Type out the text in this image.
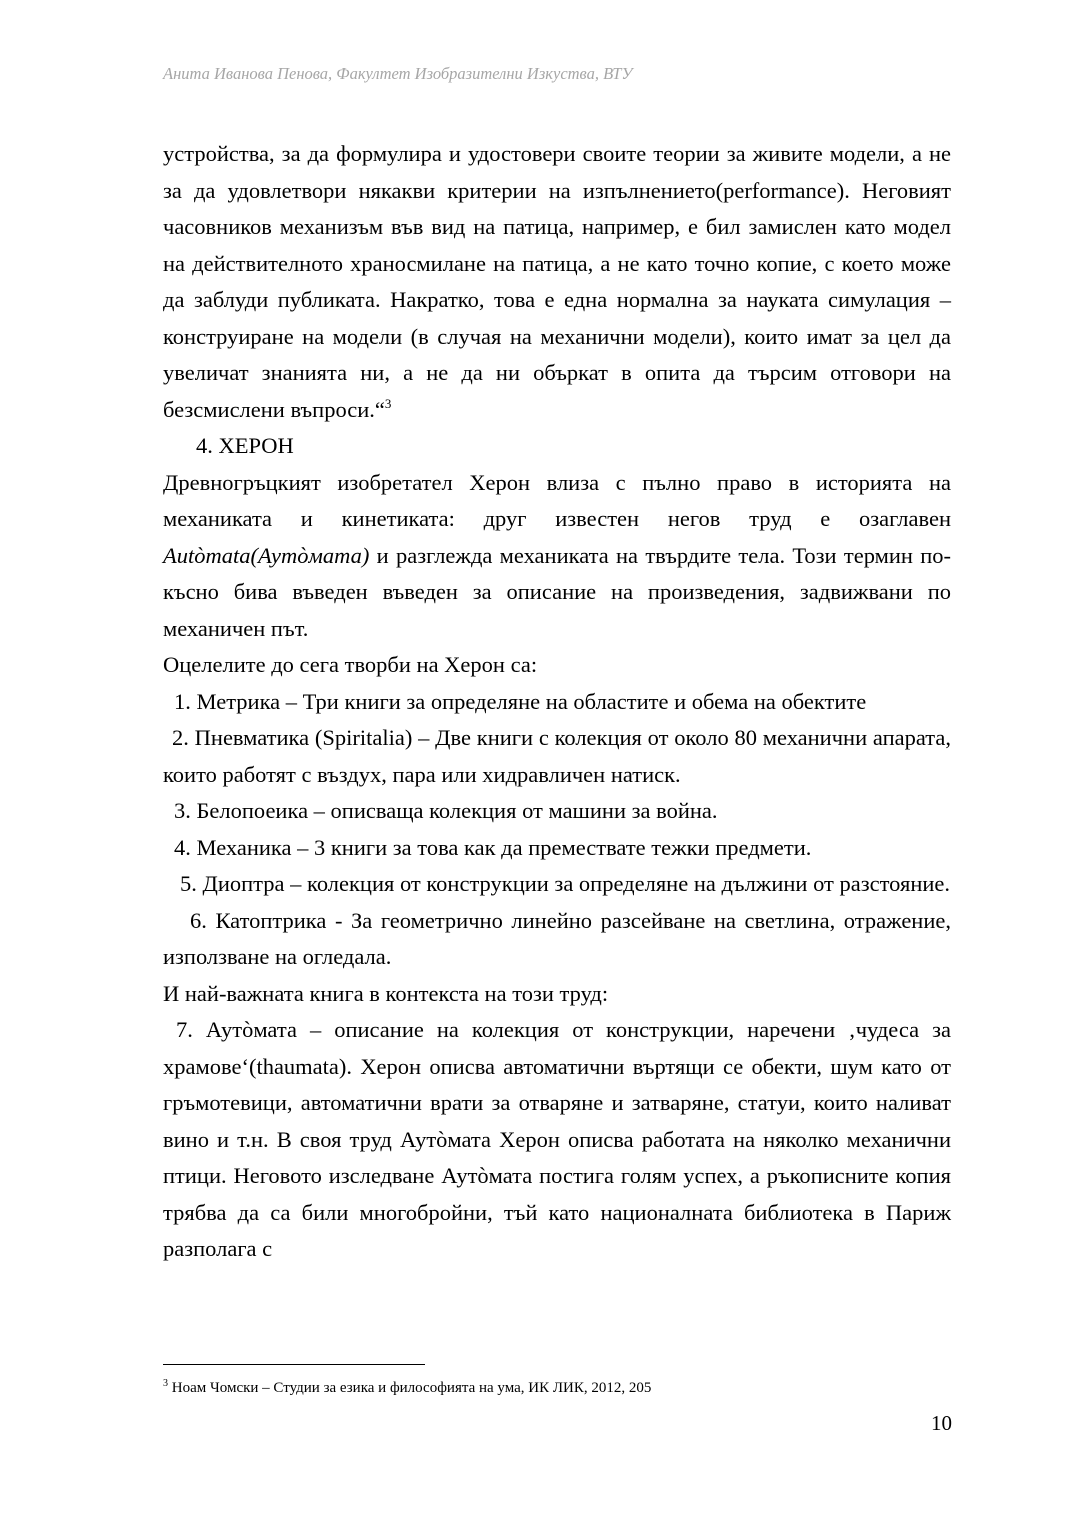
Анита Иванова Пенова, Факултет Изобразителни Изкуства, ВТУ

устройства, за да формулира и удостовери своите теории за живите модели, а не за да удовлетвори някакви критерии на изпълнението(performance). Неговият часовников механизъм във вид на патица, например, е бил замислен като модел на действителното храносмилане на патица, а не като точно копие, с което може да заблуди публиката. Накратко, това е една нормална за науката симулация – конструиране на модели (в случая на механични модели), които имат за цел да увеличат знанията ни, а не да ни объркат в опита да търсим отговори на безсмислени въпроси.“$^3$

4. ХЕРОН

Древногръцкият изобретател Херон влиза с пълно право в историята на механиката и кинетиката: друг известен негов труд е озаглавен Autòmata(Аутòмата) и разглежда механиката на твърдите тела. Този термин по-късно бива въведен въведен за описание на произведения, задвижвани по механичен път.

Оцелелите до сега творби на Херон са:

1. Метрика – Три книги за определяне на областите и обема на обектите

2. Пневматика (Spiritalia) – Две книги с колекция от около 80 механични апарата, които работят с въздух, пара или хидравличен натиск.

3. Белопоеика – описваща колекция от машини за война.

4. Механика – 3 книги за това как да премествате тежки предмети.

5. Диоптра – колекция от конструкции за определяне на дължини от разстояние.

6. Катоптрика - За геометрично линейно разсейване на светлина, отражение, използване на огледала.

И най-важната книга в контекста на този труд:

7. Аутòмата – описание на колекция от конструкции, наречени ‚чудеса за храмове‘(thaumata). Херон описва автоматични въртящи се обекти, шум като от гръмотевици, автоматични врати за отваряне и затваряне, статуи, които наливат вино и т.н. В своя труд Аутòмата Херон описва работата на няколко механични птици. Неговото изследване Аутòмата постига голям успех, а ръкописните копия трябва да са били многобройни, тъй като националната библиотека в Париж разполага с

$^3$ Ноам Чомски – Студии за езика и философията на ума, ИК ЛИК, 2012, 205
10
